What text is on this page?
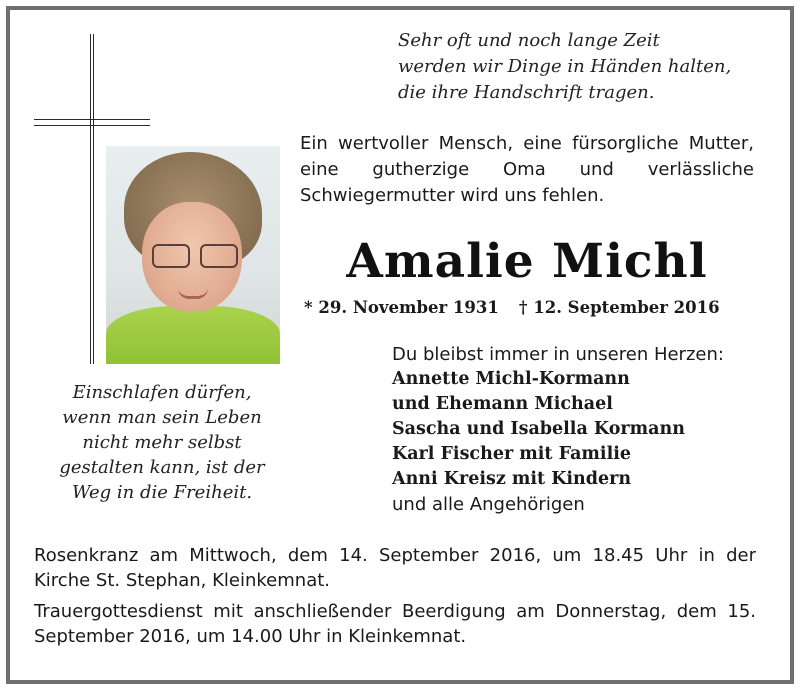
Sehr oft und noch lange Zeit
werden wir Dinge in Händen halten,
die ihre Handschrift tragen.
Ein wertvoller Mensch, eine fürsorgliche Mutter, eine gutherzige Oma und verlässliche Schwiegermutter wird uns fehlen.
Amalie Michl
* 29. November 1931 † 12. September 2016
Du bleibst immer in unseren Herzen:
Annette Michl-Kormann
und Ehemann Michael
Sascha und Isabella Kormann
Karl Fischer mit Familie
Anni Kreisz mit Kindern
und alle Angehörigen
Einschlafen dürfen,
wenn man sein Leben
nicht mehr selbst
gestalten kann, ist der
Weg in die Freiheit.

Rosenkranz am Mittwoch, dem 14. September 2016, um 18.45 Uhr in der Kirche St. Stephan, Kleinkemnat.

Trauergottesdienst mit anschließender Beerdigung am Donnerstag, dem 15. September 2016, um 14.00 Uhr in Kleinkemnat.
